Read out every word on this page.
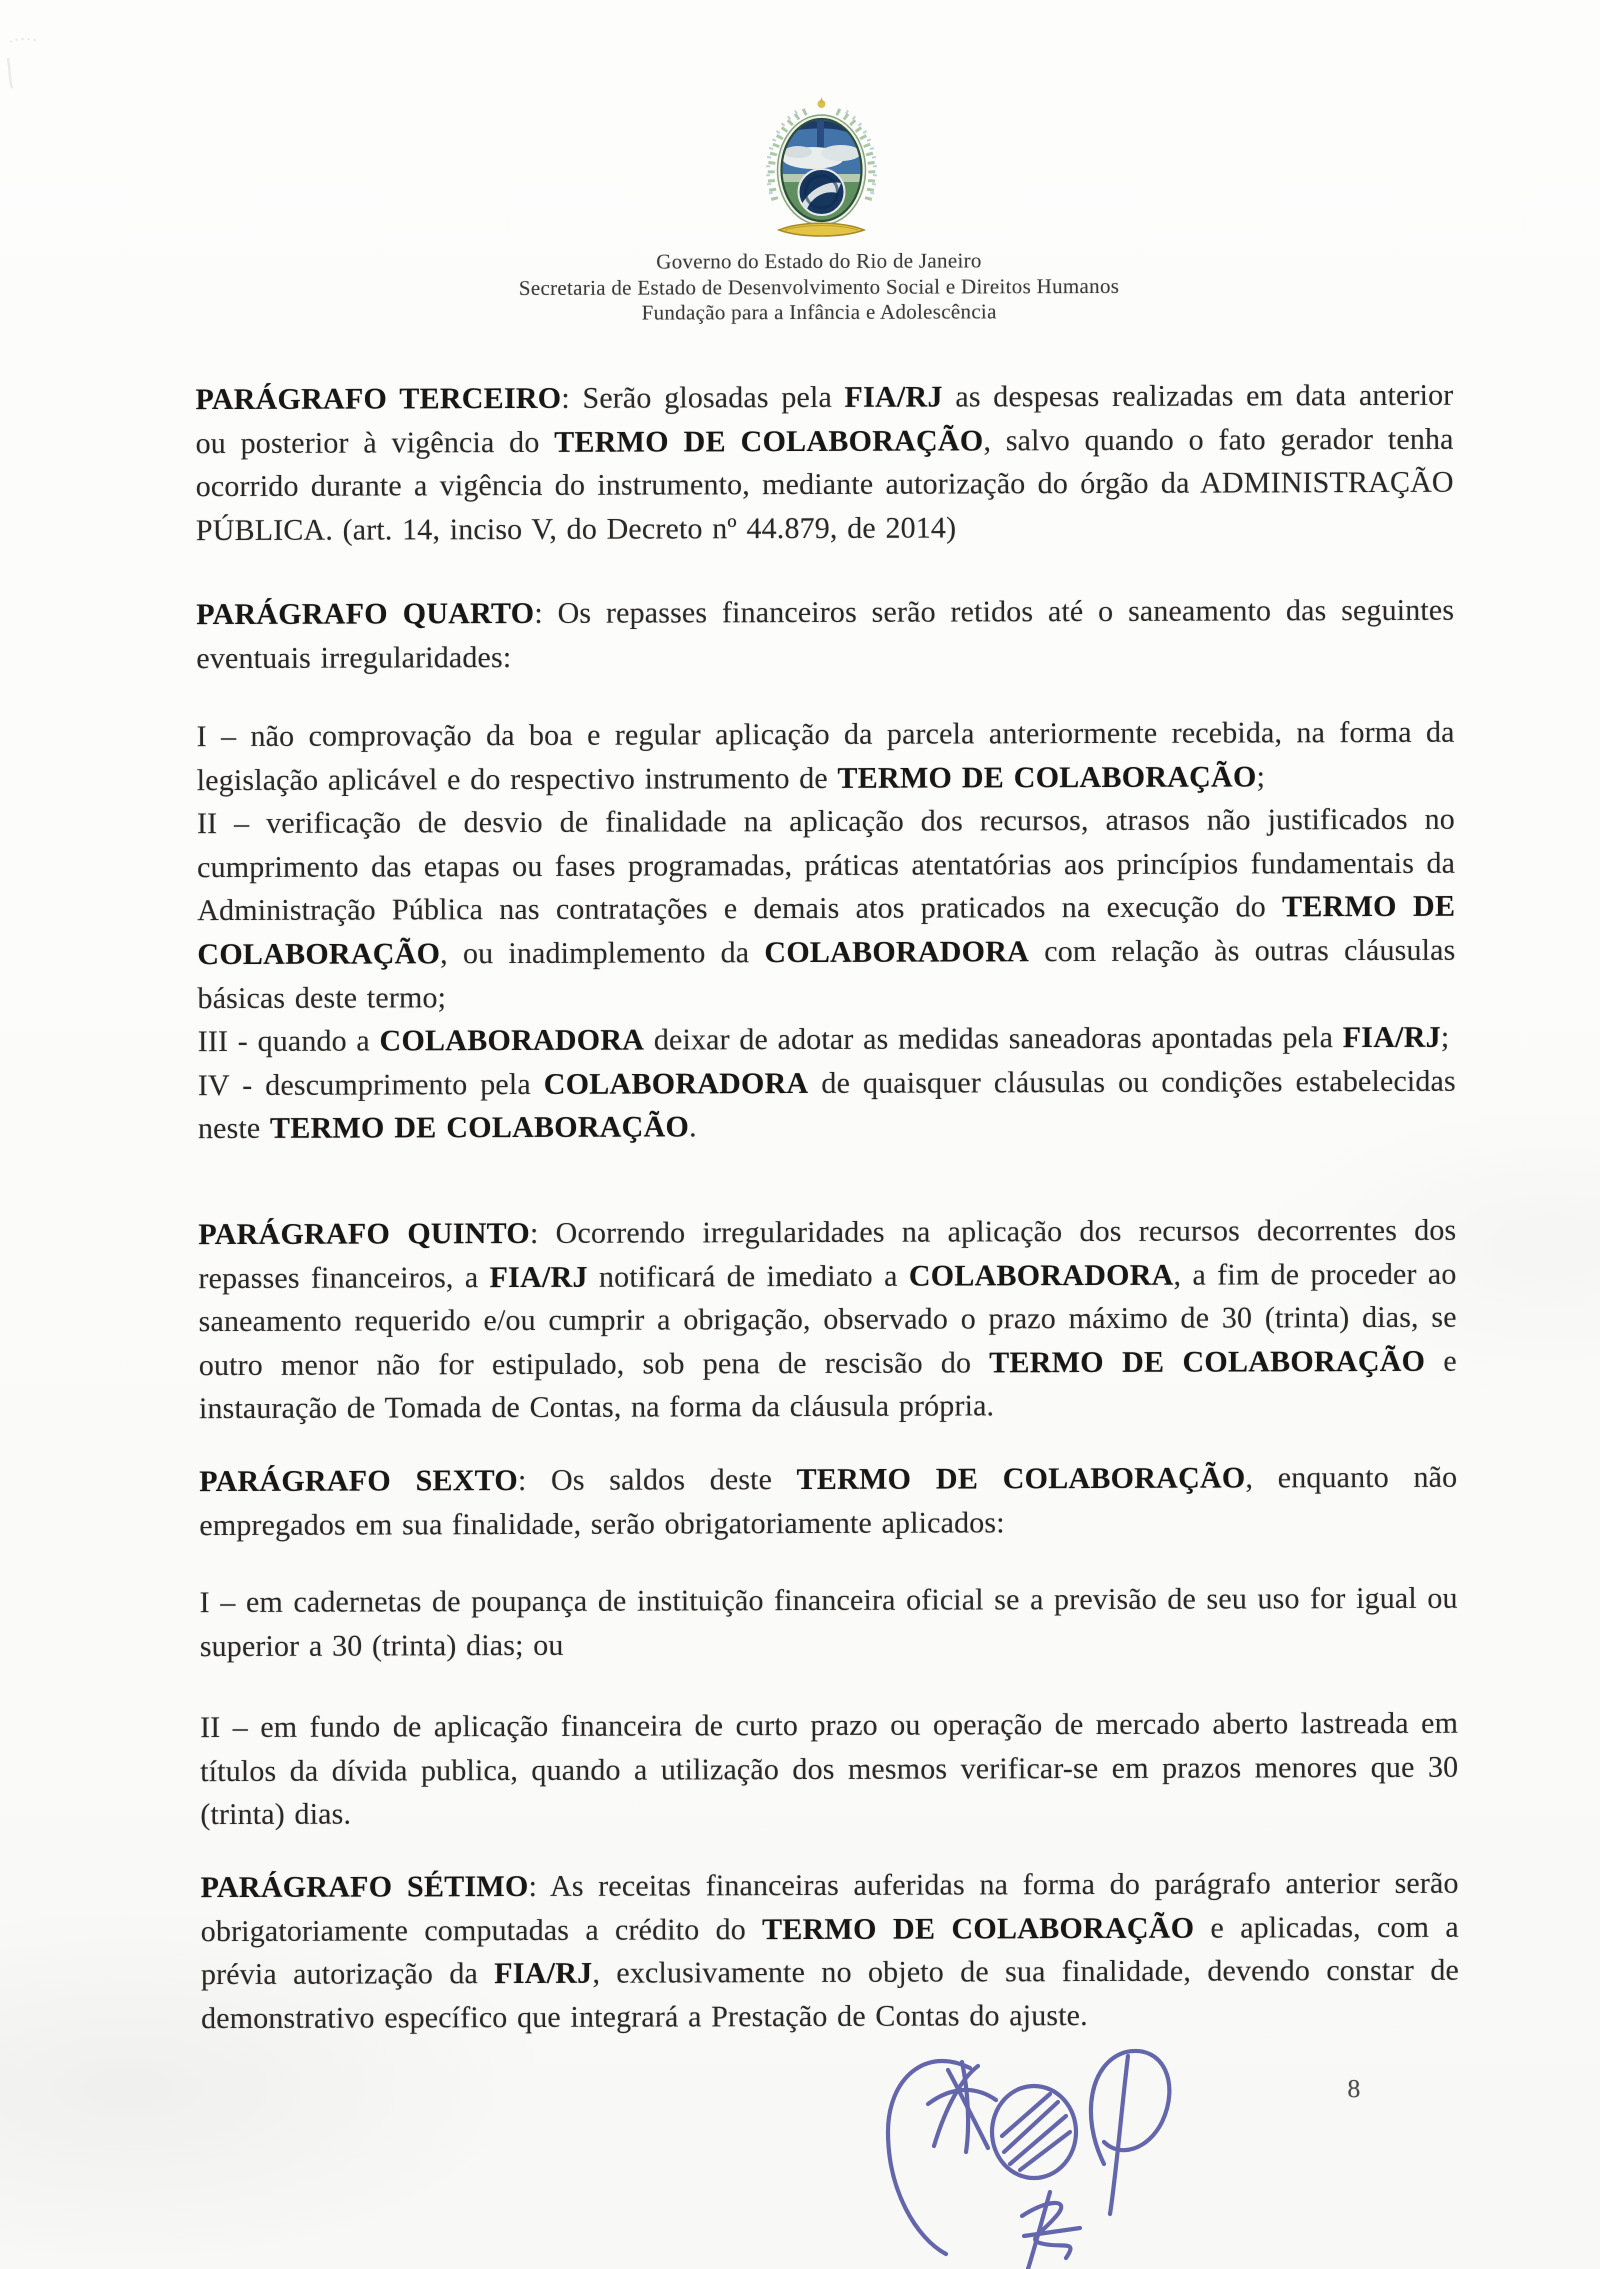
Governo do Estado do Rio de Janeiro
Secretaria de Estado de Desenvolvimento Social e Direitos Humanos
Fundação para a Infância e Adolescência
PARÁGRAFO TERCEIRO: Serão glosadas pela FIA/RJ as despesas realizadas em data anterior ou posterior à vigência do TERMO DE COLABORAÇÃO, salvo quando o fato gerador tenha ocorrido durante a vigência do instrumento, mediante autorização do órgão da ADMINISTRAÇÃO PÚBLICA. (art. 14, inciso V, do Decreto nº 44.879, de 2014)
PARÁGRAFO QUARTO: Os repasses financeiros serão retidos até o saneamento das seguintes eventuais irregularidades:
I – não comprovação da boa e regular aplicação da parcela anteriormente recebida, na forma da legislação aplicável e do respectivo instrumento de TERMO DE COLABORAÇÃO;
II – verificação de desvio de finalidade na aplicação dos recursos, atrasos não justificados no cumprimento das etapas ou fases programadas, práticas atentatórias aos princípios fundamentais da Administração Pública nas contratações e demais atos praticados na execução do TERMO DE COLABORAÇÃO, ou inadimplemento da COLABORADORA com relação às outras cláusulas básicas deste termo;
III - quando a COLABORADORA deixar de adotar as medidas saneadoras apontadas pela FIA/RJ;
IV - descumprimento pela COLABORADORA de quaisquer cláusulas ou condições estabelecidas neste TERMO DE COLABORAÇÃO.
PARÁGRAFO QUINTO: Ocorrendo irregularidades na aplicação dos recursos decorrentes dos repasses financeiros, a FIA/RJ notificará de imediato a COLABORADORA, a fim de proceder ao saneamento requerido e/ou cumprir a obrigação, observado o prazo máximo de 30 (trinta) dias, se outro menor não for estipulado, sob pena de rescisão do TERMO DE COLABORAÇÃO e instauração de Tomada de Contas, na forma da cláusula própria.
PARÁGRAFO SEXTO: Os saldos deste TERMO DE COLABORAÇÃO, enquanto não empregados em sua finalidade, serão obrigatoriamente aplicados:
I – em cadernetas de poupança de instituição financeira oficial se a previsão de seu uso for igual ou superior a 30 (trinta) dias; ou
II – em fundo de aplicação financeira de curto prazo ou operação de mercado aberto lastreada em títulos da dívida publica, quando a utilização dos mesmos verificar-se em prazos menores que 30 (trinta) dias.
PARÁGRAFO SÉTIMO: As receitas financeiras auferidas na forma do parágrafo anterior serão obrigatoriamente computadas a crédito do TERMO DE COLABORAÇÃO e aplicadas, com a prévia autorização da FIA/RJ, exclusivamente no objeto de sua finalidade, devendo constar de demonstrativo específico que integrará a Prestação de Contas do ajuste.
8
